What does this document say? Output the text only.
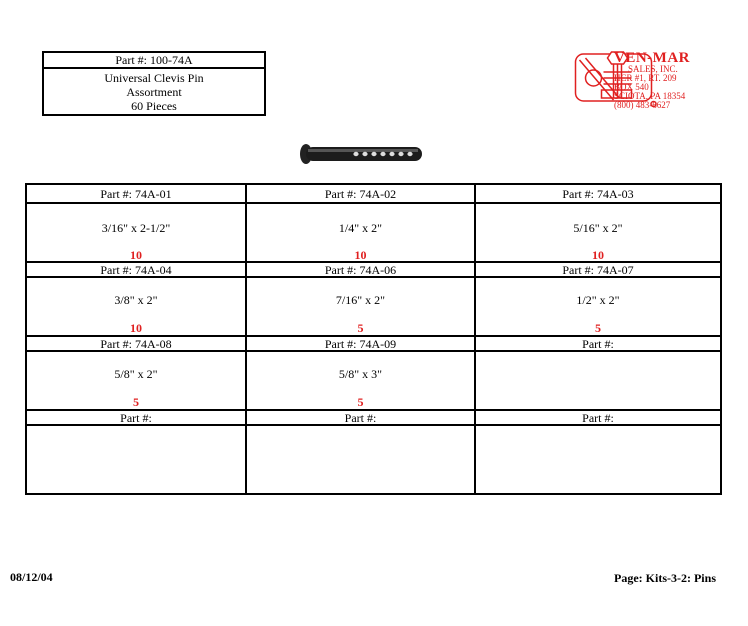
Part #: 100-74A
Universal Clevis Pin
Assortment
60 Pieces
VEN-MAR
SALES, INC.
HCR #1, RT. 209
BOX 540
SCIOTA, PA 18354
(800) 483-6627
Part #: 74A-01	Part #: 74A-02	Part #: 74A-03
3/16" x 2-1/2"	1/4" x 2"	5/16" x 2"
10	10	10
Part #: 74A-04	Part #: 74A-06	Part #: 74A-07
3/8" x 2"	7/16" x 2"	1/2" x 2"
10	5	5
Part #: 74A-08	Part #: 74A-09	Part #:
5/8" x 2"	5/8" x 3"
5	5
Part #:	Part #:	Part #:
08/12/04	Page: Kits-3-2: Pins
